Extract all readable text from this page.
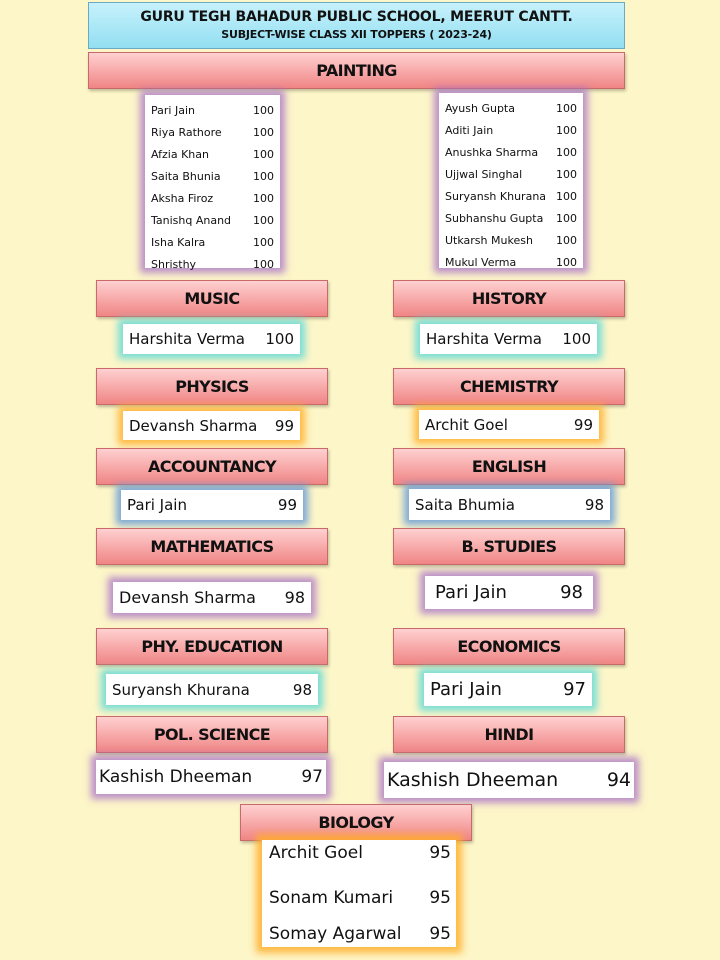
GURU TEGH BAHADUR PUBLIC SCHOOL, MEERUT CANTT.
SUBJECT-WISE CLASS XII TOPPERS ( 2023-24)
PAINTING
Pari Jain	100
Riya Rathore	100
Afzia Khan	100
Saita Bhunia	100
Aksha Firoz	100
Tanishq Anand 100
Isha Kalra	100
Shristhy	100
Ayush Gupta	100
Aditi Jain	100
Anushka Sharma 100
Ujjwal Singhal	100
Suryansh Khurana 100
Subhanshu Gupta 100
Utkarsh Mukesh 100
Mukul Verma	100
MUSIC	HISTORY
Harshita Verma 100	Harshita Verma 100
PHYSICS	CHEMISTRY
Devansh Sharma 99	Archit Goel	99
ACCOUNTANCY	ENGLISH
Pari Jain	99	Saita Bhumia	98
MATHEMATICS	B. STUDIES
Devansh Sharma 98	Pari Jain	98
PHY. EDUCATION	ECONOMICS
Suryansh Khurana	98	Pari Jain	97
POL. SCIENCE	HINDI
Kashish Dheeman	97	Kashish Dheeman	94
BIOLOGY
Archit Goel	95
Sonam Kumari 95
Somay Agarwal 95
